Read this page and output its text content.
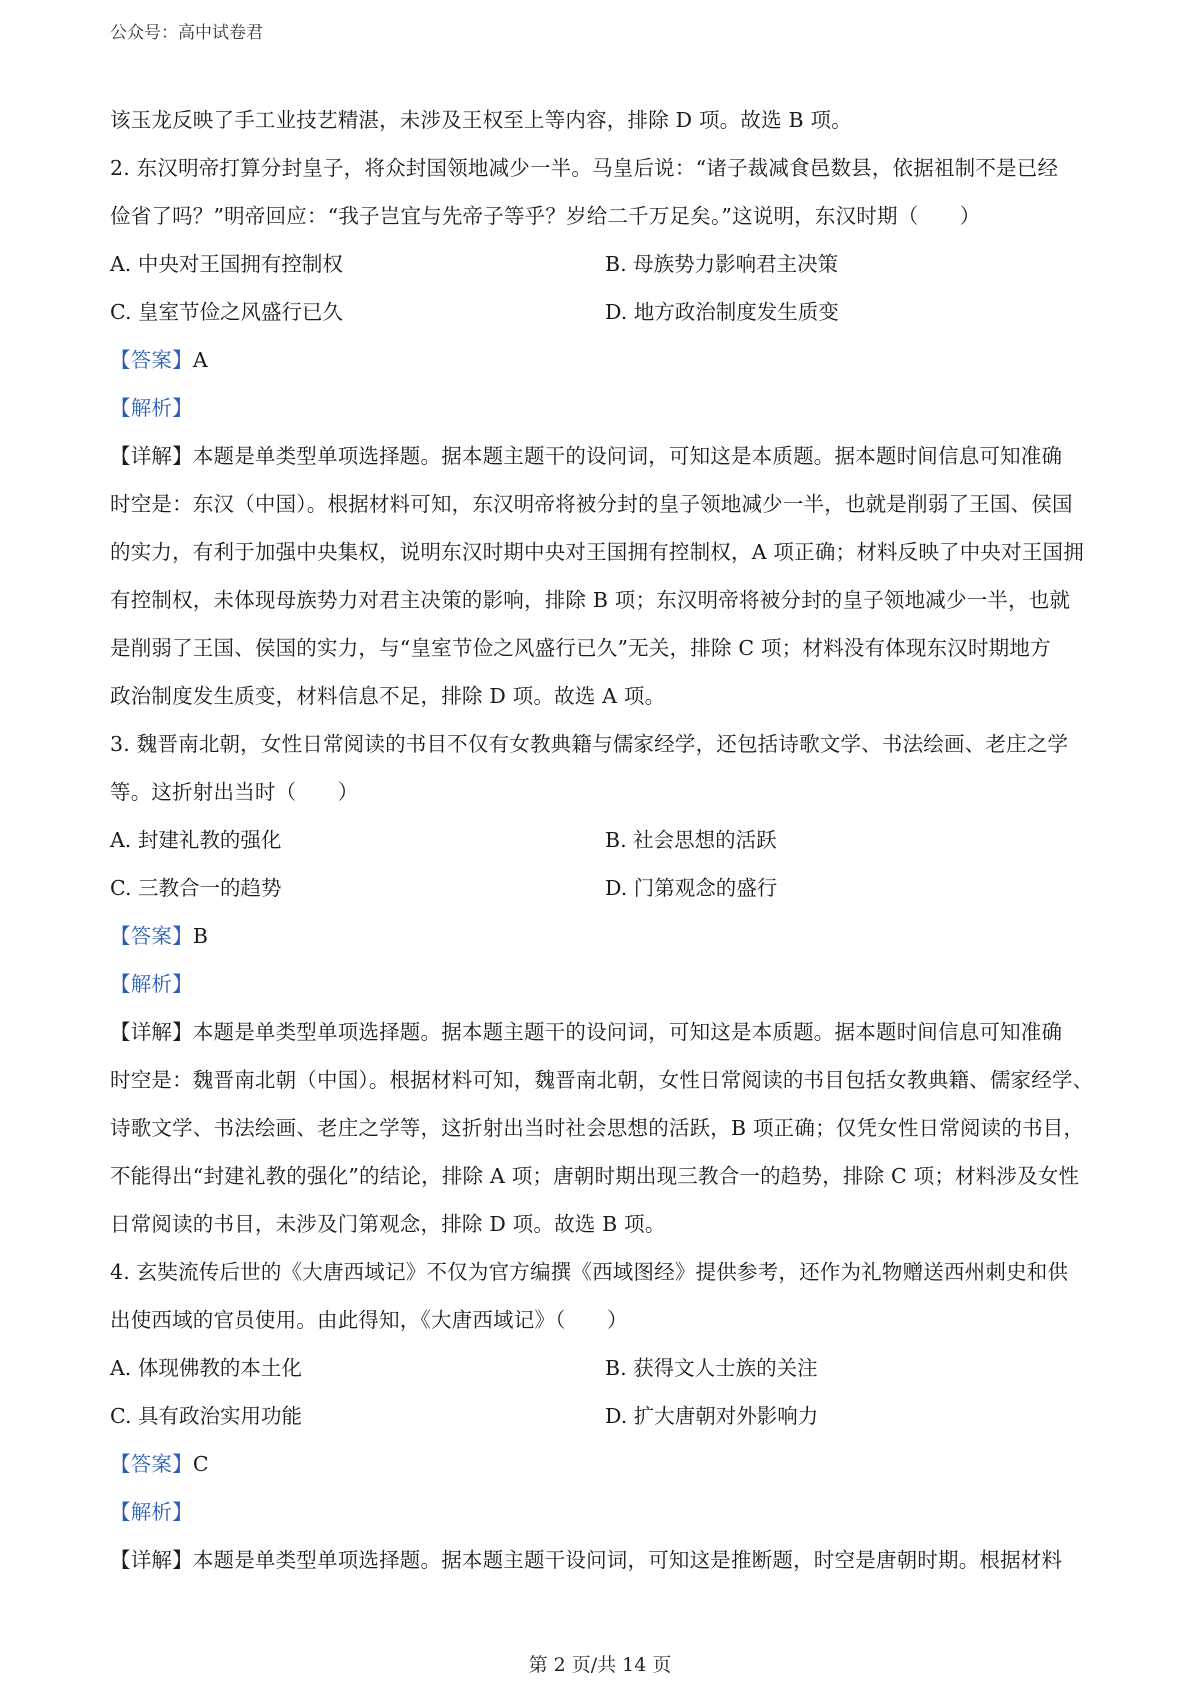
公众号：高中试卷君

该玉龙反映了手工业技艺精湛，未涉及王权至上等内容，排除 D 项。故选 B 项。

2. 东汉明帝打算分封皇子，将众封国领地减少一半。马皇后说：“诸子裁减食邑数县，依据祖制不是已经

俭省了吗？”明帝回应：“我子岂宜与先帝子等乎？岁给二千万足矣。”这说明，东汉时期（　　）

A. 中央对王国拥有控制权	B. 母族势力影响君主决策
C. 皇室节俭之风盛行已久	D. 地方政治制度发生质变

【答案】A

【解析】

【详解】本题是单类型单项选择题。据本题主题干的设问词，可知这是本质题。据本题时间信息可知准确

时空是：东汉（中国）。根据材料可知，东汉明帝将被分封的皇子领地减少一半，也就是削弱了王国、侯国

的实力，有利于加强中央集权，说明东汉时期中央对王国拥有控制权，A 项正确；材料反映了中央对王国拥

有控制权，未体现母族势力对君主决策的影响，排除 B 项；东汉明帝将被分封的皇子领地减少一半，也就

是削弱了王国、侯国的实力，与“皇室节俭之风盛行已久”无关，排除 C 项；材料没有体现东汉时期地方

政治制度发生质变，材料信息不足，排除 D 项。故选 A 项。

3. 魏晋南北朝，女性日常阅读的书目不仅有女教典籍与儒家经学，还包括诗歌文学、书法绘画、老庄之学

等。这折射出当时（　　）

A. 封建礼教的强化	B. 社会思想的活跃
C. 三教合一的趋势	D. 门第观念的盛行

【答案】B

【解析】

【详解】本题是单类型单项选择题。据本题主题干的设问词，可知这是本质题。据本题时间信息可知准确

时空是：魏晋南北朝（中国）。根据材料可知，魏晋南北朝，女性日常阅读的书目包括女教典籍、儒家经学、

诗歌文学、书法绘画、老庄之学等，这折射出当时社会思想的活跃，B 项正确；仅凭女性日常阅读的书目，

不能得出“封建礼教的强化”的结论，排除 A 项；唐朝时期出现三教合一的趋势，排除 C 项；材料涉及女性

日常阅读的书目，未涉及门第观念，排除 D 项。故选 B 项。

4. 玄奘流传后世的《大唐西域记》不仅为官方编撰《西域图经》提供参考，还作为礼物赠送西州刺史和供

出使西域的官员使用。由此得知，《大唐西域记》（　　）

A. 体现佛教的本土化	B. 获得文人士族的关注
C. 具有政治实用功能	D. 扩大唐朝对外影响力

【答案】C

【解析】

【详解】本题是单类型单项选择题。据本题主题干设问词，可知这是推断题，时空是唐朝时期。根据材料

第 2 页/共 14 页
